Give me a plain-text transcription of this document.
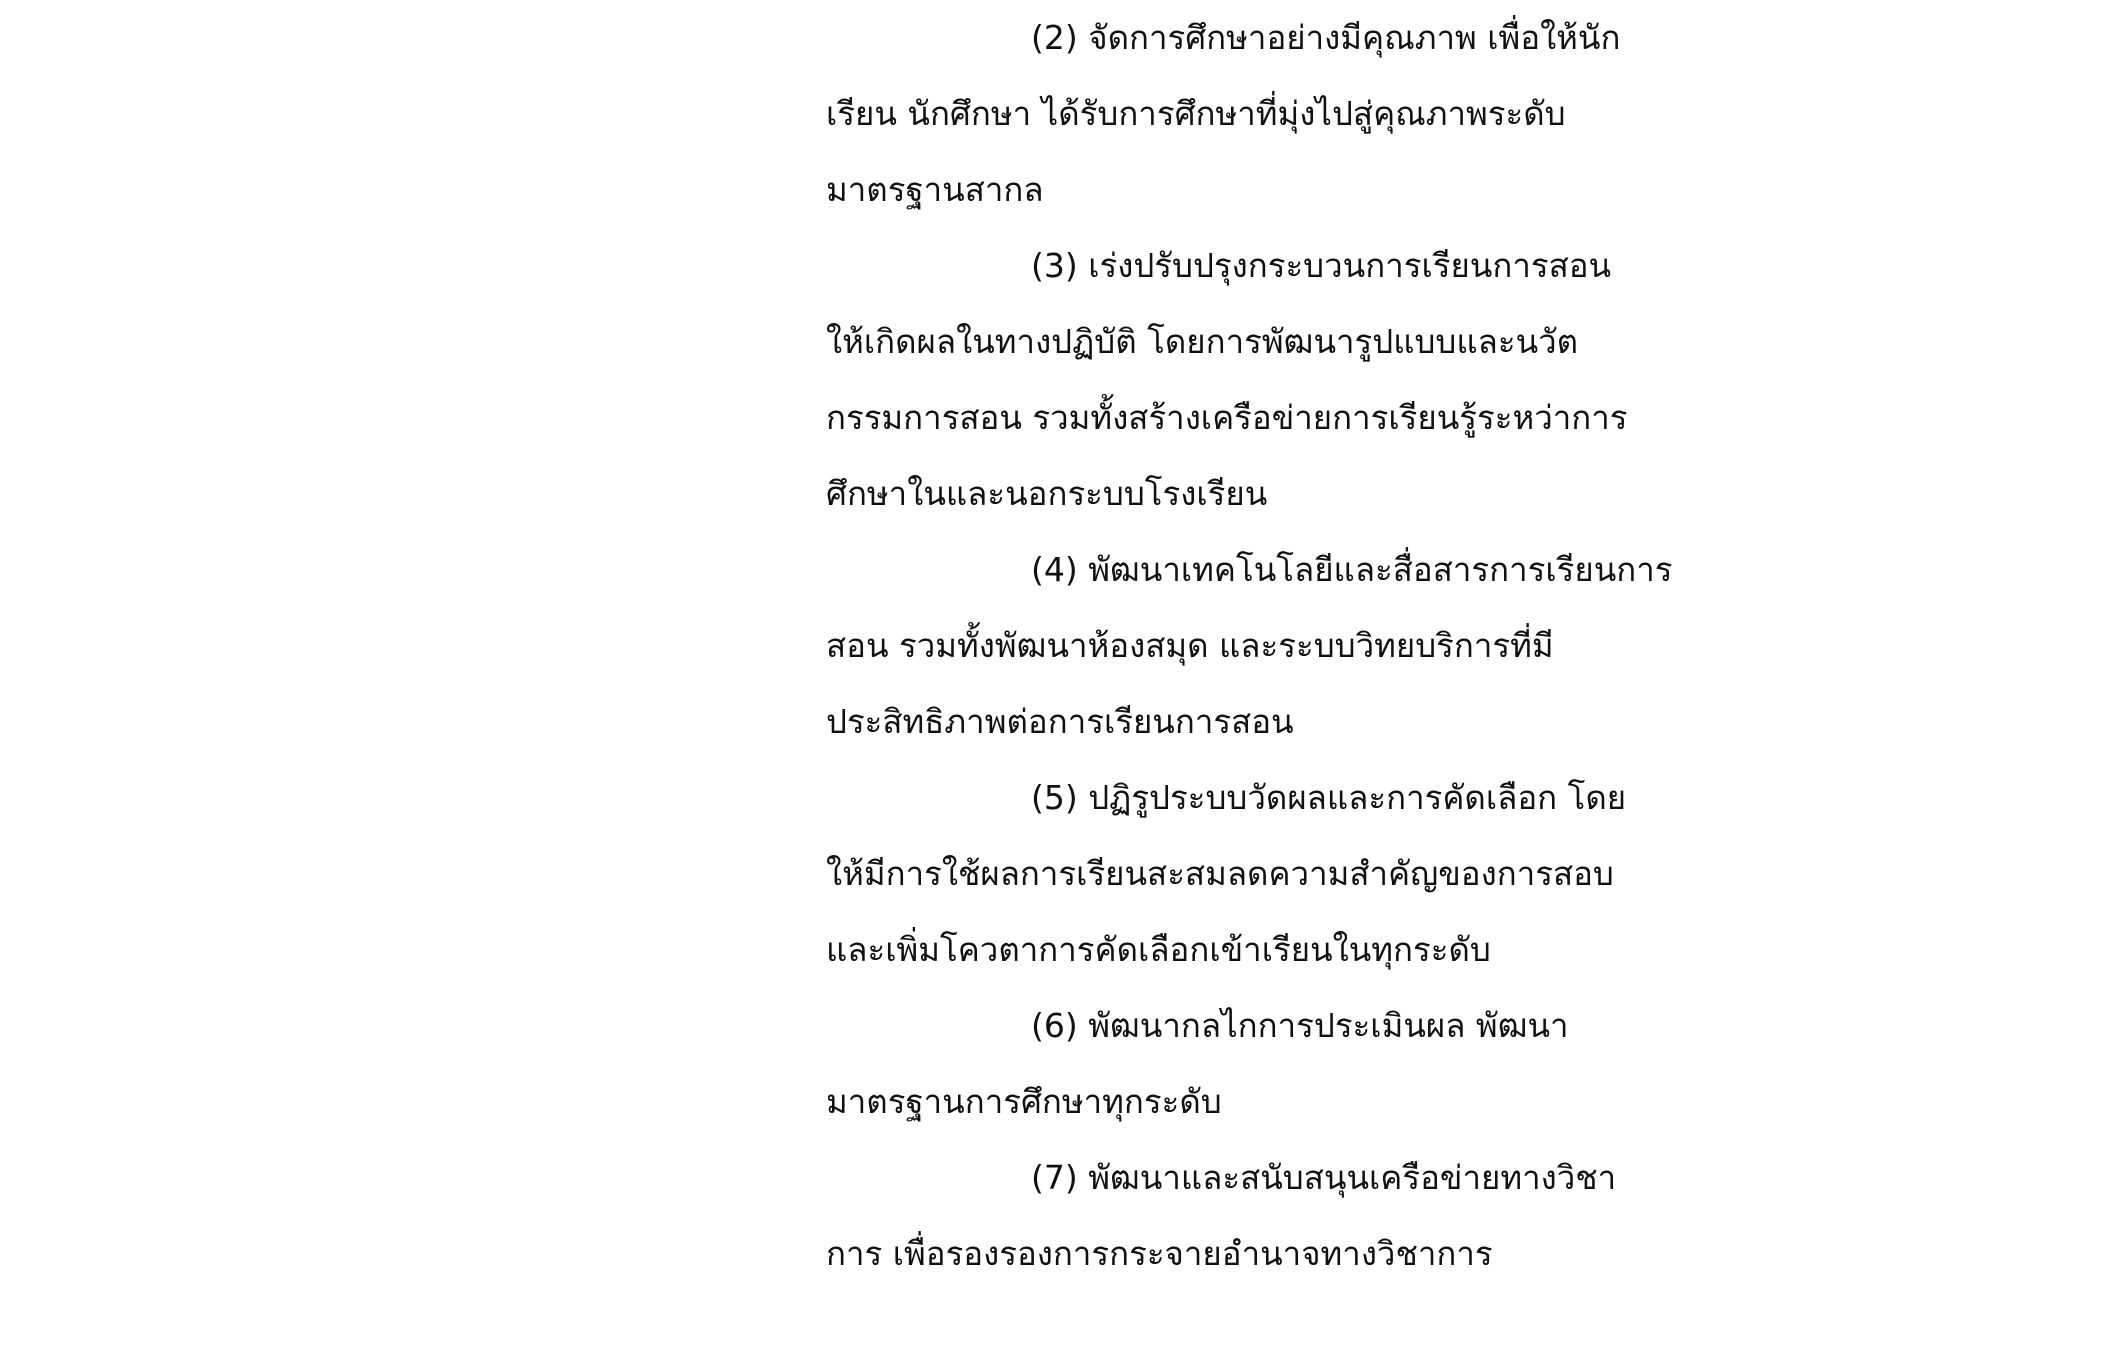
(2) จัดการศึกษาอย่างมีคุณภาพ เพื่อให้นัก
เรียน นักศึกษา ได้รับการศึกษาที่มุ่งไปสู่คุณภาพระดับ
มาตรฐานสากล
(3) เร่งปรับปรุงกระบวนการเรียนการสอน
ให้เกิดผลในทางปฏิบัติ โดยการพัฒนารูปแบบและนวัต
กรรมการสอน รวมทั้งสร้างเครือข่ายการเรียนรู้ระหว่าการ
ศึกษาในและนอกระบบโรงเรียน
(4) พัฒนาเทคโนโลยีและสื่อสารการเรียนการ
สอน รวมทั้งพัฒนาห้องสมุด และระบบวิทยบริการที่มี
ประสิทธิภาพต่อการเรียนการสอน
(5) ปฏิรูประบบวัดผลและการคัดเลือก โดย
ให้มีการใช้ผลการเรียนสะสมลดความสำคัญของการสอบ
และเพิ่มโควตาการคัดเลือกเข้าเรียนในทุกระดับ
(6) พัฒนากลไกการประเมินผล พัฒนา
มาตรฐานการศึกษาทุกระดับ
(7) พัฒนาและสนับสนุนเครือข่ายทางวิชา
การ เพื่อรองรองการกระจายอำนาจทางวิชาการ
